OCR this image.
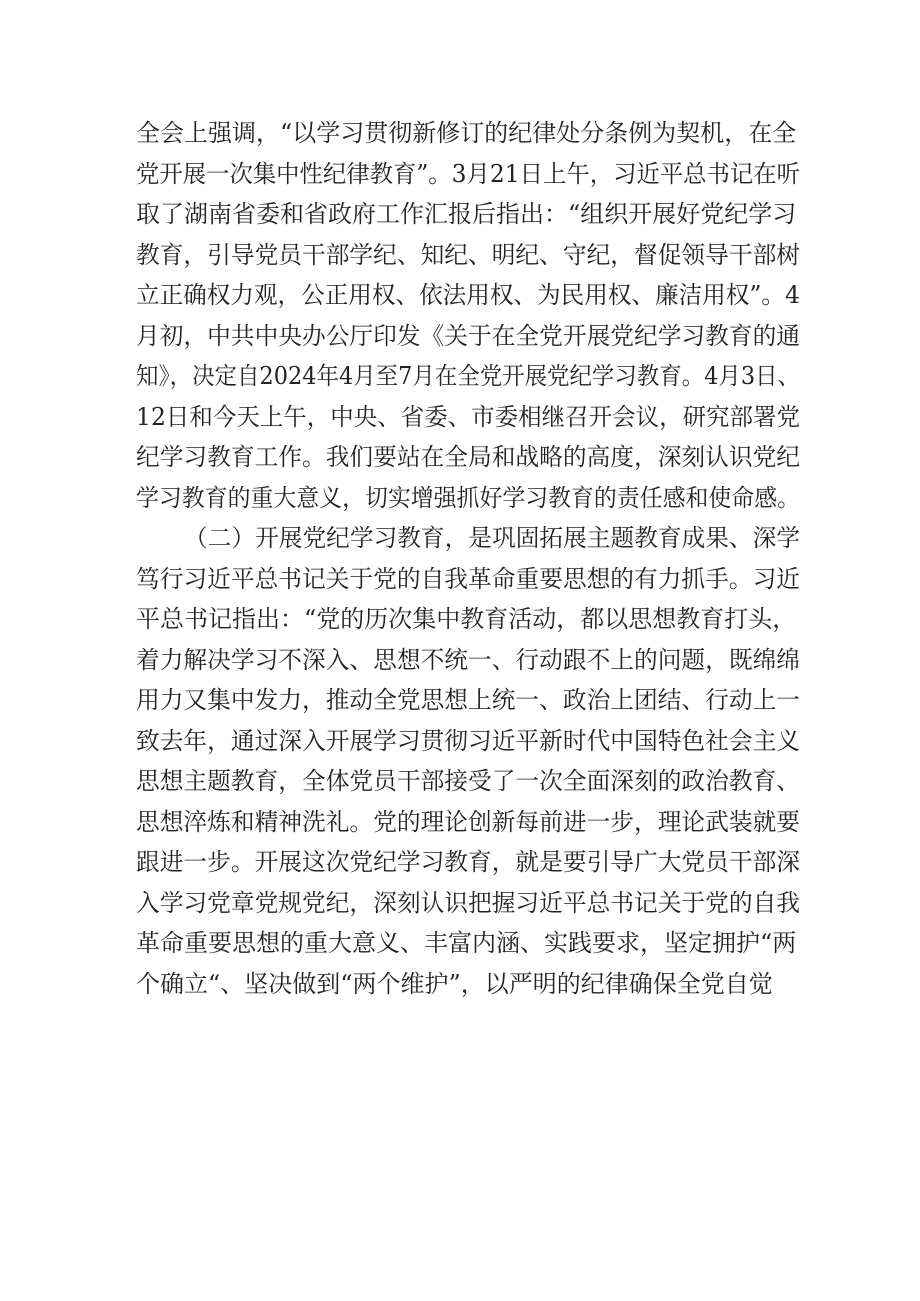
全会上强调，“以学习贯彻新修订的纪律处分条例为契机，在全
党开展一次集中性纪律教育”。3月21日上午，习近平总书记在听
取了湖南省委和省政府工作汇报后指出：“组织开展好党纪学习
教育，引导党员干部学纪、知纪、明纪、守纪，督促领导干部树
立正确权力观，公正用权、依法用权、为民用权、廉洁用权”。4
月初，中共中央办公厅印发《关于在全党开展党纪学习教育的通
知》，决定自2024年4月至7月在全党开展党纪学习教育。4月3日、
12日和今天上午，中央、省委、市委相继召开会议，研究部署党
纪学习教育工作。我们要站在全局和战略的高度，深刻认识党纪
学习教育的重大意义，切实增强抓好学习教育的责任感和使命感。
（二）开展党纪学习教育，是巩固拓展主题教育成果、深学
笃行习近平总书记关于党的自我革命重要思想的有力抓手。习近
平总书记指出：“党的历次集中教育活动，都以思想教育打头，
着力解决学习不深入、思想不统一、行动跟不上的问题，既绵绵
用力又集中发力，推动全党思想上统一、政治上团结、行动上一
致去年，通过深入开展学习贯彻习近平新时代中国特色社会主义
思想主题教育，全体党员干部接受了一次全面深刻的政治教育、
思想淬炼和精神洗礼。党的理论创新每前进一步，理论武装就要
跟进一步。开展这次党纪学习教育，就是要引导广大党员干部深
入学习党章党规党纪，深刻认识把握习近平总书记关于党的自我
革命重要思想的重大意义、丰富内涵、实践要求，坚定拥护“两
个确立“、坚决做到“两个维护”，以严明的纪律确保全党自觉
